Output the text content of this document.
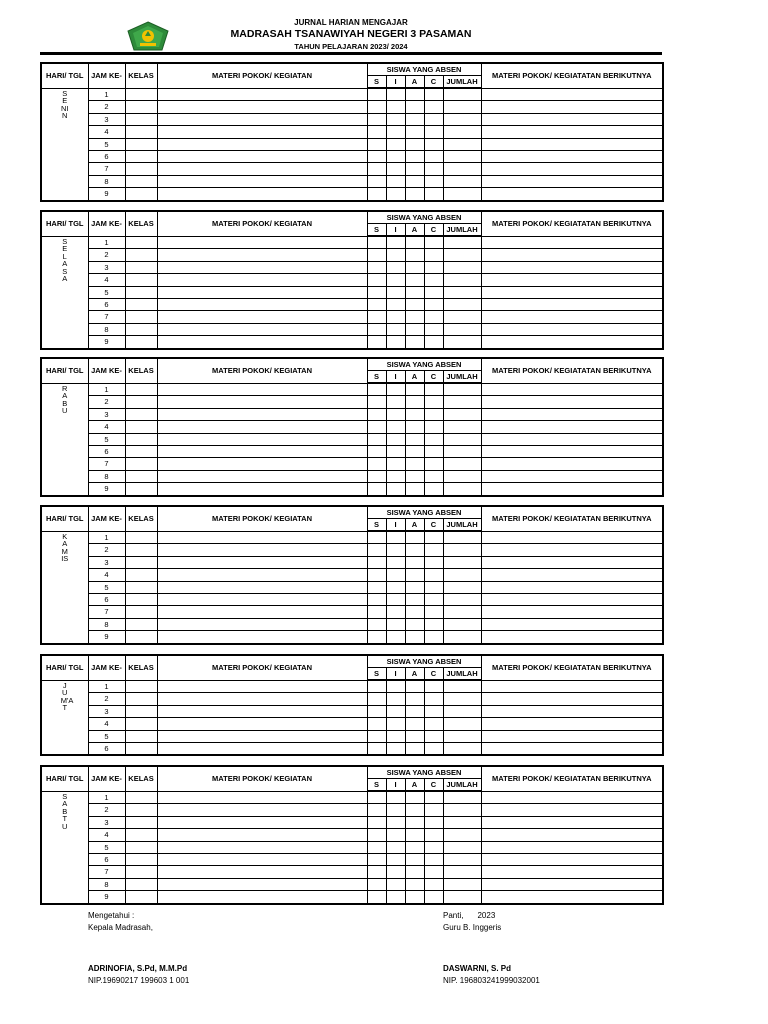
JURNAL HARIAN MENGAJAR
MADRASAH TSANAWIYAH NEGERI 3 PASAMAN
TAHUN PELAJARAN 2023/ 2024
HARI/ TGL	JAM KE-	KELAS	MATERI POKOK/ KEGIATAN	SISWA YANG ABSEN					MATERI POKOK/ KEGIATATAN BERIKUTNYA
				S	I	A	C	JUMLAH	
SENIN	1								
	2								
	3								
	4								
	5								
	6								
	7								
	8								
	9								
HARI/ TGL	JAM KE-	KELAS	MATERI POKOK/ KEGIATAN	SISWA YANG ABSEN					MATERI POKOK/ KEGIATATAN BERIKUTNYA
				S	I	A	C	JUMLAH	
SELASA	1								
	2								
	3								
	4								
	5								
	6								
	7								
	8								
	9								
HARI/ TGL	JAM KE-	KELAS	MATERI POKOK/ KEGIATAN	SISWA YANG ABSEN					MATERI POKOK/ KEGIATATAN BERIKUTNYA
				S	I	A	C	JUMLAH	
RABU	1								
	2								
	3								
	4								
	5								
	6								
	7								
	8								
	9								
HARI/ TGL	JAM KE-	KELAS	MATERI POKOK/ KEGIATAN	SISWA YANG ABSEN					MATERI POKOK/ KEGIATATAN BERIKUTNYA
				S	I	A	C	JUMLAH	
KAMIS	1								
	2								
	3								
	4								
	5								
	6								
	7								
	8								
	9								
HARI/ TGL	JAM KE-	KELAS	MATERI POKOK/ KEGIATAN	SISWA YANG ABSEN					MATERI POKOK/ KEGIATATAN BERIKUTNYA
				S	I	A	C	JUMLAH	
JUM'AT	1								
	2								
	3								
	4								
	5								
	6								
HARI/ TGL	JAM KE-	KELAS	MATERI POKOK/ KEGIATAN	SISWA YANG ABSEN					MATERI POKOK/ KEGIATATAN BERIKUTNYA
				S	I	A	C	JUMLAH	
SABTU	1								
	2								
	3								
	4								
	5								
	6								
	7								
	8								
	9								
Mengetahui :
Kepala Madrasah,
ADRINOFIA, S.Pd, M.M.Pd
NIP.19690217 199603 1 001
Panti, 2023
Guru B. Inggeris
DASWARNI, S. Pd
NIP. 196803241999032001
